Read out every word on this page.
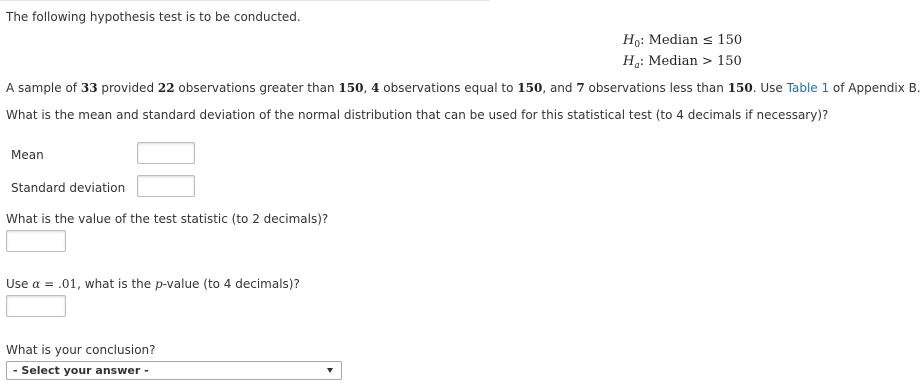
The following hypothesis test is to be conducted.
$H_0$: Median ≤ 150
$H_a$: Median > 150
A sample of 33 provided 22 observations greater than 150, 4 observations equal to 150, and 7 observations less than 150. Use Table 1 of Appendix B.
What is the mean and standard deviation of the normal distribution that can be used for this statistical test (to 4 decimals if necessary)?
Mean
Standard deviation
What is the value of the test statistic (to 2 decimals)?
Use α = .01, what is the p-value (to 4 decimals)?
What is your conclusion?
- Select your answer -
